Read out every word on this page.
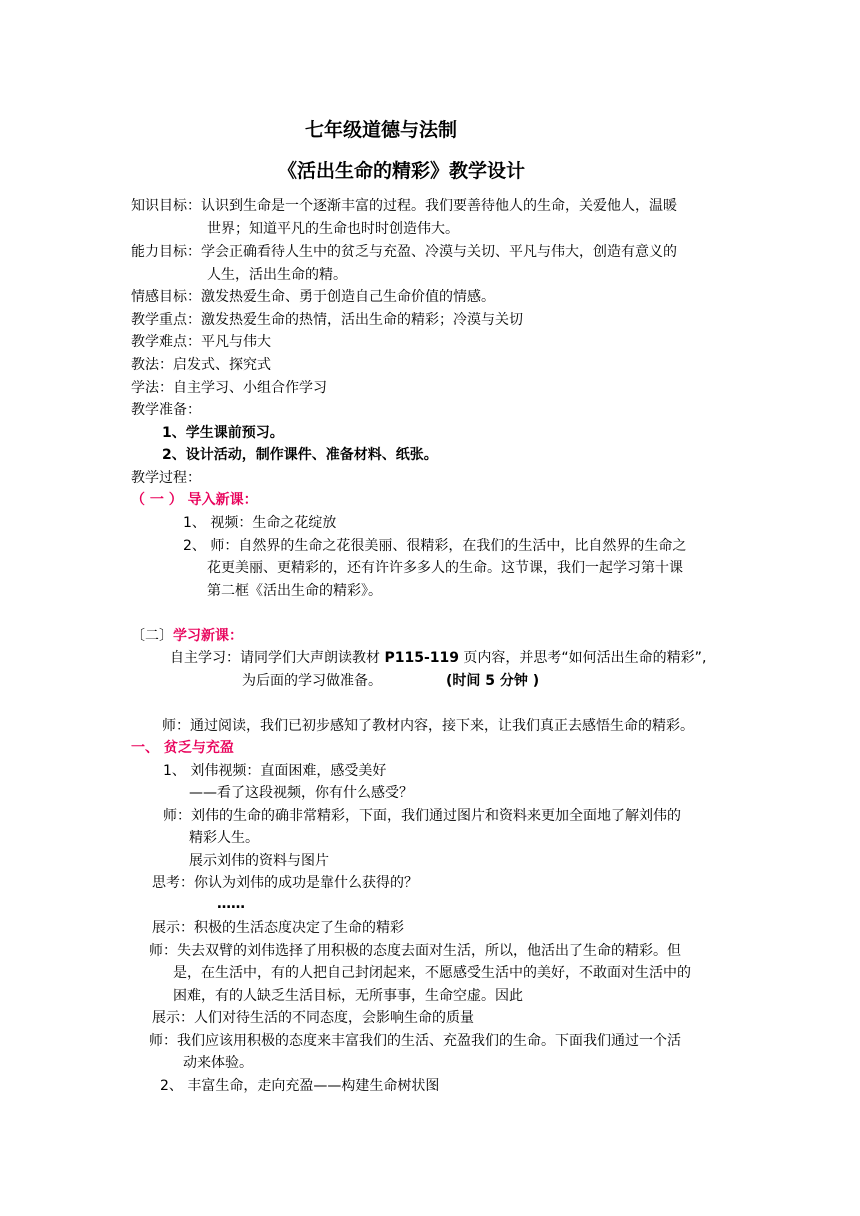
七年级道德与法制
《活出生命的精彩》教学设计
知识目标：认识到生命是一个逐渐丰富的过程。我们要善待他人的生命，关爱他人，温暖
世界；知道平凡的生命也时时创造伟大。
能力目标：学会正确看待人生中的贫乏与充盈、冷漠与关切、平凡与伟大，创造有意义的
人生，活出生命的精。
情感目标：激发热爱生命、勇于创造自己生命价值的情感。
教学重点：激发热爱生命的热情，活出生命的精彩；冷漠与关切
教学难点：平凡与伟大
教法：启发式、探究式
学法：自主学习、小组合作学习
教学准备：
1、学生课前预习。
2、设计活动，制作课件、准备材料、纸张。
教学过程：
（ 一 ） 导入新课：
1、 视频：生命之花绽放
2、 师：自然界的生命之花很美丽、很精彩，在我们的生活中，比自然界的生命之
花更美丽、更精彩的，还有许许多多人的生命。这节课，我们一起学习第十课
第二框《活出生命的精彩》。
〔二〕学习新课：
自主学习：请同学们大声朗读教材 P115-119 页内容，并思考“如何活出生命的精彩”,
为后面的学习做准备。	(时间 5 分钟 )
师：通过阅读，我们已初步感知了教材内容，接下来，让我们真正去感悟生命的精彩。
一、 贫乏与充盈
1、 刘伟视频：直面困难，感受美好
——看了这段视频，你有什么感受？
师：刘伟的生命的确非常精彩，下面，我们通过图片和资料来更加全面地了解刘伟的
精彩人生。
展示刘伟的资料与图片
思考：你认为刘伟的成功是靠什么获得的？
……
展示：积极的生活态度决定了生命的精彩
师：失去双臂的刘伟选择了用积极的态度去面对生活，所以，他活出了生命的精彩。但
是，在生活中，有的人把自己封闭起来，不愿感受生活中的美好，不敢面对生活中的
困难，有的人缺乏生活目标，无所事事，生命空虚。因此
展示：人们对待生活的不同态度，会影响生命的质量
师：我们应该用积极的态度来丰富我们的生活、充盈我们的生命。下面我们通过一个活
动来体验。
2、 丰富生命，走向充盈——构建生命树状图
